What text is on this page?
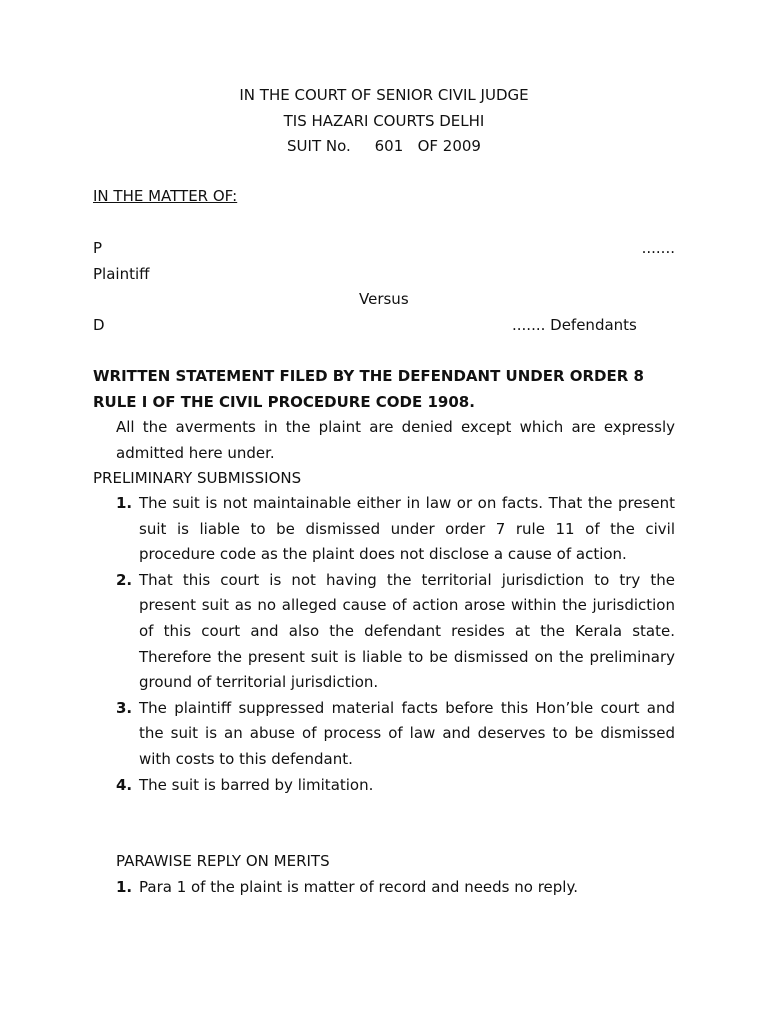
IN THE COURT OF SENIOR CIVIL JUDGE
TIS HAZARI COURTS DELHI
SUIT No. 601 OF 2009
IN THE MATTER OF:
P	.......
Plaintiff
Versus
D	....... Defendants
WRITTEN STATEMENT FILED BY THE DEFENDANT UNDER ORDER 8
RULE I OF THE CIVIL PROCEDURE CODE 1908.
All the averments in the plaint are denied except which are expressly admitted here under.
PRELIMINARY SUBMISSIONS
1. The suit is not maintainable either in law or on facts. That the present suit is liable to be dismissed under order 7 rule 11 of the civil procedure code as the plaint does not disclose a cause of action.
2. That this court is not having the territorial jurisdiction to try the present suit as no alleged cause of action arose within the jurisdiction of this court and also the defendant resides at the Kerala state. Therefore the present suit is liable to be dismissed on the preliminary ground of territorial jurisdiction.
3. The plaintiff suppressed material facts before this Hon’ble court and the suit is an abuse of process of law and deserves to be dismissed with costs to this defendant.
4. The suit is barred by limitation.
PARAWISE REPLY ON MERITS
1. Para 1 of the plaint is matter of record and needs no reply.
